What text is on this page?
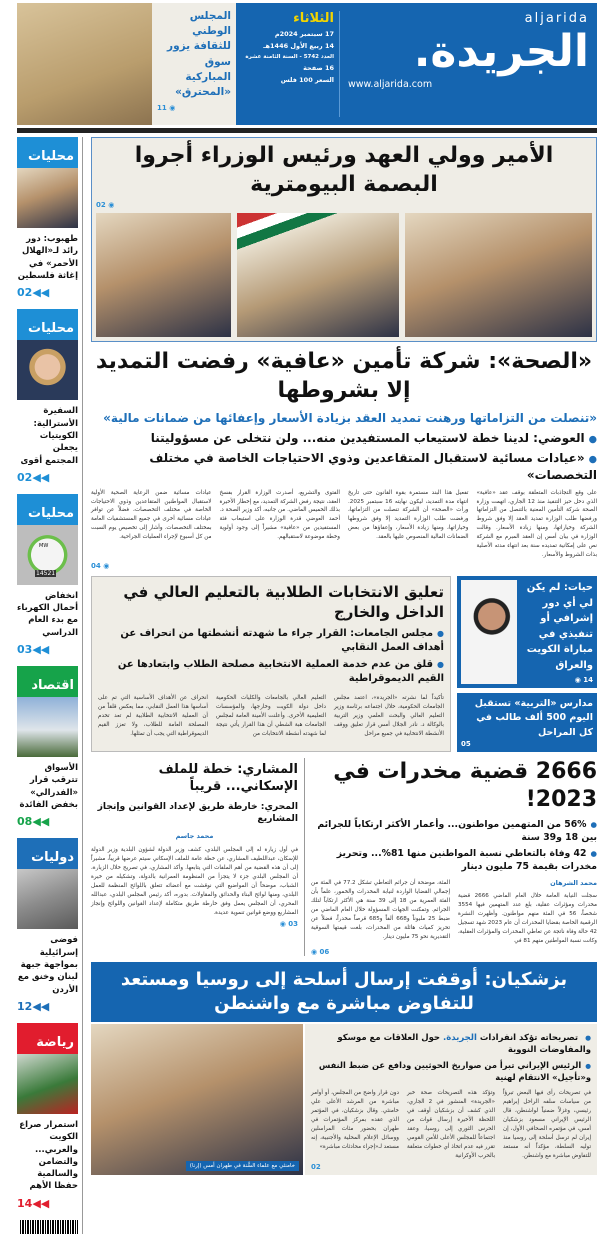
aljarida
الجريدة.
www.aljarida.com
الثلاثاء
17 سبتمبر 2024م
14 ربيع الأول 1446هـ
العدد 5742 - السنة الثامنة عشرة
16 صفحة
السعر 100 فلس
المجلس الوطني للثقافة يزور سوق المباركية «المحترق»
◉ 11
الأمير وولي العهد ورئيس الوزراء أجروا البصمة البيومترية
◉ 02
«الصحة»: شركة تأمين «عافية» رفضت التمديد إلا بشروطها
«تنصلت من التزاماتها ورهنت تمديد العقد بزيادة الأسعار وإعفائها من ضمانات مالية»
● العوضي: لدينا خطة لاستيعاب المستفيدين منه... ولن نتخلى عن مسؤوليتنا
● «عيادات مسائية لاستقبال المتقاعدين وذوي الاحتياجات الخاصة في مختلف التخصصات»
على وقع التجاذبات المتعلقة بوقف عقد «عافية» الذي دخل حيز التنفيذ منذ 12 الجاري، اتهمت وزارة الصحة شركة التأمين المعنية بالتنصل من التزاماتها ورفضها طلب الوزارة تمديد العقد إلا وفق شروط الشركة وخياراتها، ومنها زيادة الأسعار. وقالت الوزارة في بيان أمس إن العقد المبرم مع الشركة نص على إمكانية تمديده سنة بعد انتهاء مدته الأصلية بذات الشروط والأسعار.
تفعيل هذا البند مستمرة بقوة القانون حتى تاريخ انتهاء مدة التمديد، ليكون نهايته 16 سبتمبر 2025. ورأت «الصحة» أن الشركة تنصلت من التزاماتها، ورفضت طلب الوزارة التمديد إلا وفق شروطها وخياراتها، ومنها زيادة الأسعار، وإعفاؤها من بعض الضمانات المالية المنصوص عليها بالعقد.
الفتوى والتشريع، أصدرت الوزارة القرار بفسخ العقد، نتيجة رفض الشركة التمديد، مع إخطار الأخيرة بذلك الخميس الماضي. من جانبه، أكد وزير الصحة د. أحمد العوضي قدرة الوزارة على استيعاب فئة المستفيدين من «عافية» مشيراً إلى وجود أولوية وخطة موضوعة لاستقبالهم.
عيادات مسائية ضمن الرعاية الصحية الأولية لاستقبال المواطنين المتقاعدين وذوي الاحتياجات الخاصة في مختلف التخصصات، فضلاً عن توافر عيادات مسائية أخرى في جميع المستشفيات العامة بمختلف التخصصات. وأشار إلى تخصيص يوم السبت من كل أسبوع لإجراء العمليات الجراحية.
◉ 04
حيات: لم يكن لي أي دور إشرافي أو تنفيذي في مباراة الكويت والعراق
14 ◉
مدارس «التربية» تستقبل اليوم 500 ألف طالب في كل المراحل
05
تعليق الانتخابات الطلابية بالتعليم العالي في الداخل والخارج
● مجلس الجامعات: القرار جراء ما شهدته أنشطتها من انحراف عن أهداف العمل النقابي
● قلق من عدم خدمة العملية الانتخابية مصلحة الطلاب وابتعادها عن القيم الديموقراطية
تأكيداً لما نشرته «الجريدة»، اعتمد مجلس الجامعات الحكومية، خلال اجتماعه برئاسة وزير التعليم العالي والبحث العلمي وزير التربية بالوكالة د. نادر الجلال أمس قرار تعليق ووقف الأنشطة الانتخابية في جميع مراحل
التعليم العالي بالجامعات والكليات الحكومية داخل دولة الكويت وخارجها، والمؤسسات التعليمية الأخرى. وأعلنت الأمينة العامة لمجلس الجامعات هبة الشطي أن هذا القرار يأتي نتيجة لما شهدته أنشطة الانتخابات من
انحراف عن الأهداف الأساسية التي تم على أساسها هذا العمل النقابي، مما يعكس قلقاً من أن العملية الانتخابية الطلابية لم تعد تخدم المصلحة العامة للطلاب، ولا تعزز القيم الديموقراطية التي يجب أن تمثلها.
2666 قضية مخدرات في 2023!
● 56% من المتهمين مواطنون... وأعمار الأكثر ارتكاباً للجرائم بين 18 و39 سنة
● 42 وفاة بالتعاطي نسبة المواطنين منها 81%... وتحريز مخدرات بقيمة 75 مليون دينار
محمد الشرهان
سجلت النيابة العامة خلال العام الماضي 2666 قضية مخدرات ومؤثرات عقلية، بلغ عدد المتهمين فيها 3554 شخصاً، 56 في المئة منهم مواطنون. وأظهرت النشرة الرقمية الخاصة بقضايا المخدرات أن عام 2023 شهد تسجيل 42 حالة وفاة ناتجة عن تعاطي المخدرات والمؤثرات العقلية، وكانت نسبة المواطنين منهم 81 في
المئة، موضحة أن جرائم التعاطي تشكل 77.2 في المئة من إجمالي القضايا الواردة لنيابة المخدرات والخمور، علماً بأن الفئة العمرية من 18 إلى 39 سنة هي الأكثر ارتكاباً لتلك الجرائم. وتمكنت الجهات المسؤولة خلال العام الماضي من ضبط 25 مليوناً و668 ألفاً و685 قرصاً مخدراً، فضلاً عن تحريز كميات هائلة من المخدرات، بلغت قيمتها السوقية التقديرية نحو 75 مليون دينار.
06 ◉
المشاري: خطة للملف الإسكاني... قريباً
المحري: خارطة طريق لإعداد القوانين وإنجاز المشاريع
محمد جاسم
في أول زيارة له إلى المجلس البلدي، كشف وزير الدولة لشؤون البلدية وزير الدولة للإسكان، عبداللطيف المشاري، عن خطة عامة للملف الإسكاني سيتم عرضها قريباً، مشيراً إلى أن هذه القضية من أهم الملفات التي يتابعها. وأكد المشاري، في تصريح خلال الزيارة، أن المجلس البلدي جزء لا يتجزأ من المنظومة العمرانية بالدولة، وتشكيله من خيرة الشباب، موضحاً أن المواضيع التي نوقشت مع أعضائه تتعلق باللوائح المنظمة للعمل البلدي، ومنها لوائح البناء والحدائق والمقاولات. بدوره، أكد رئيس المجلس البلدي، عبدالله المحري، أن المجلس يعمل وفق خارطة طريق متكاملة لإعداد القوانين واللوائح وإنجاز المشاريع ووضع قوانين تنموية عديدة.
03 ◉
بزشكيان: أوقفت إرسال أسلحة إلى روسيا ومستعد للتفاوض مباشرة مع واشنطن
● تصريحاته تؤكد انفرادات الجريدة. حول العلاقات مع موسكو والمفاوضات النووية
● الرئيس الإيراني تبرأ من صواريخ الحوثيين ودافع عن ضبط النفس و«تأجيل» الانتقام لهنية
في تصريحات رأى فيها البعض تبرؤاً من سياسات سلفه الراحل إبراهيم رئيسي، وغزلاً ضمنياً لواشنطن، قال الرئيس الإيراني مسعود بزشكيان أمس، في مؤتمره الصحافي الأول، إن إيران لم ترسل أسلحة إلى روسيا منذ توليه السلطة، مؤكداً أنه مستعد للتفاوض مباشرة مع واشنطن.
وتؤكد هذه التصريحات صحة خبر «الجريدة» المنشور في 2 الجاري، الذي كشف أن بزشكيان أوقف في اللحظة الأخيرة إرسال قوات من الحرس الثوري إلى روسيا، وعقد اجتماعاً للمجلس الأعلى للأمن القومي تقرر فيه عدم اتخاذ أي خطوات متعلقة بالحرب الأوكرانية
دون قرار واضح من المجلس، أو أوامر مباشرة من المرشد الأعلى علي خامنئي. وقال بزشكيان، في المؤتمر الذي عقده بمركز المؤتمرات في طهران بحضور مئات المراسلين ووسائل الإعلام المحلية والأجنبية، إنه مستعد لـ«إجراء محادثات مباشرة»
02
خامنئي مع علماء السُّنة في طهران أمس (إرنا)
محليات
طهبوب: دور رائد لـ«الهلال الأحمر» في إغاثة فلسطين
◀◀02
محليات
السفيرة الأسترالية: الكويتيات يجعلن المجتمع أقوى
◀◀02
محليات
MW
14521
انخفاض أحمال الكهرباء مع بدء العام الدراسي
◀◀03
اقتصاد
الأسواق تترقب قرار «الفدرالي» بخفض الفائدة
◀◀08
دوليات
فوضى إسرائيلية بمواجهة جبهة لبنان وخنق مع الأردن
◀◀12
رياضة
استمرار صراع الكويت والعربي... والتضامن والسالمية حفظا الأهم
◀◀14
